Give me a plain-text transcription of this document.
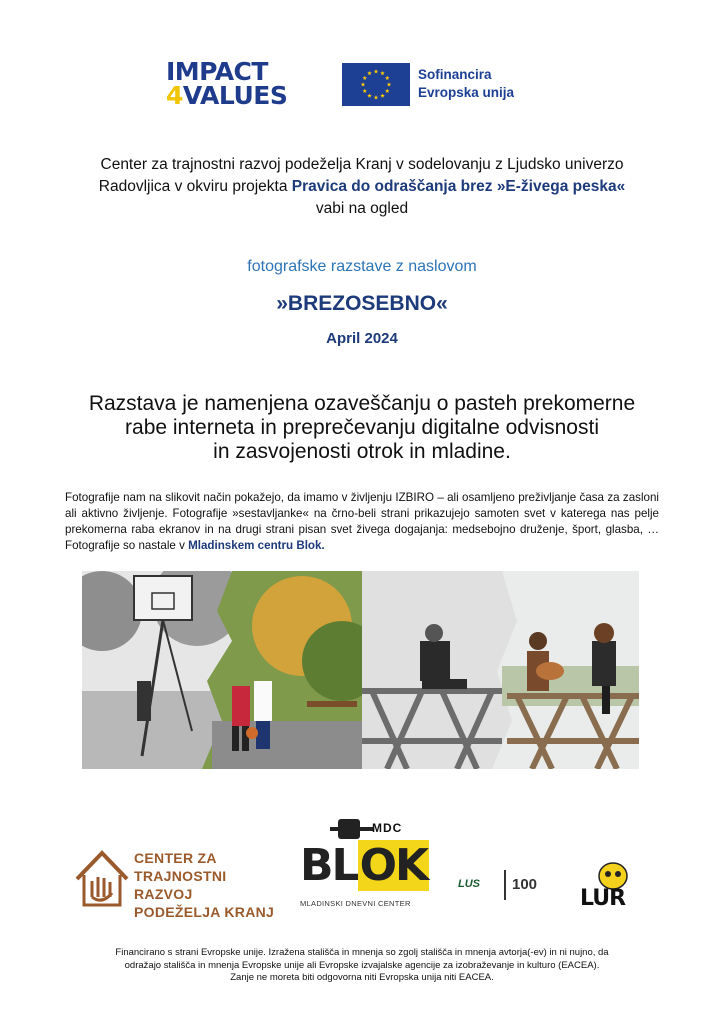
IMPACT
4VALUES
Sofinancira
Evropska unija
Center za trajnostni razvoj podeželja Kranj v sodelovanju z Ljudsko univerzo
Radovljica v okviru projekta Pravica do odraščanja brez »E-živega peska«
vabi na ogled
fotografske razstave z naslovom
»BREZOSEBNO«
April 2024
Razstava je namenjena ozaveščanju o pasteh prekomerne
rabe interneta in preprečevanju digitalne odvisnosti
in zasvojenosti otrok in mladine.
Fotografije nam na slikovit način pokažejo, da imamo v življenju IZBIRO – ali osamljeno preživljanje časa za zasloni ali aktivno življenje. Fotografije »sestavljanke« na črno-beli strani prikazujejo samoten svet v katerega nas pelje prekomerna raba ekranov in na drugi strani pisan svet živega dogajanja: medsebojno druženje, šport, glasba, … Fotografije so nastale v Mladinskem centru Blok.
CENTER ZA
TRAJNOSTNI RAZVOJ
PODEŽELJA KRANJ
MDC
BLOK
MLADINSKI DNEVNI CENTER
LUS 100
LUR
Financirano s strani Evropske unije. Izražena stališča in mnenja so zgolj stališča in mnenja avtorja(-ev) in ni nujno, da
odražajo stališča in mnenja Evropske unije ali Evropske izvajalske agencije za izobraževanje in kulturo (EACEA).
Zanje ne moreta biti odgovorna niti Evropska unija niti EACEA.
